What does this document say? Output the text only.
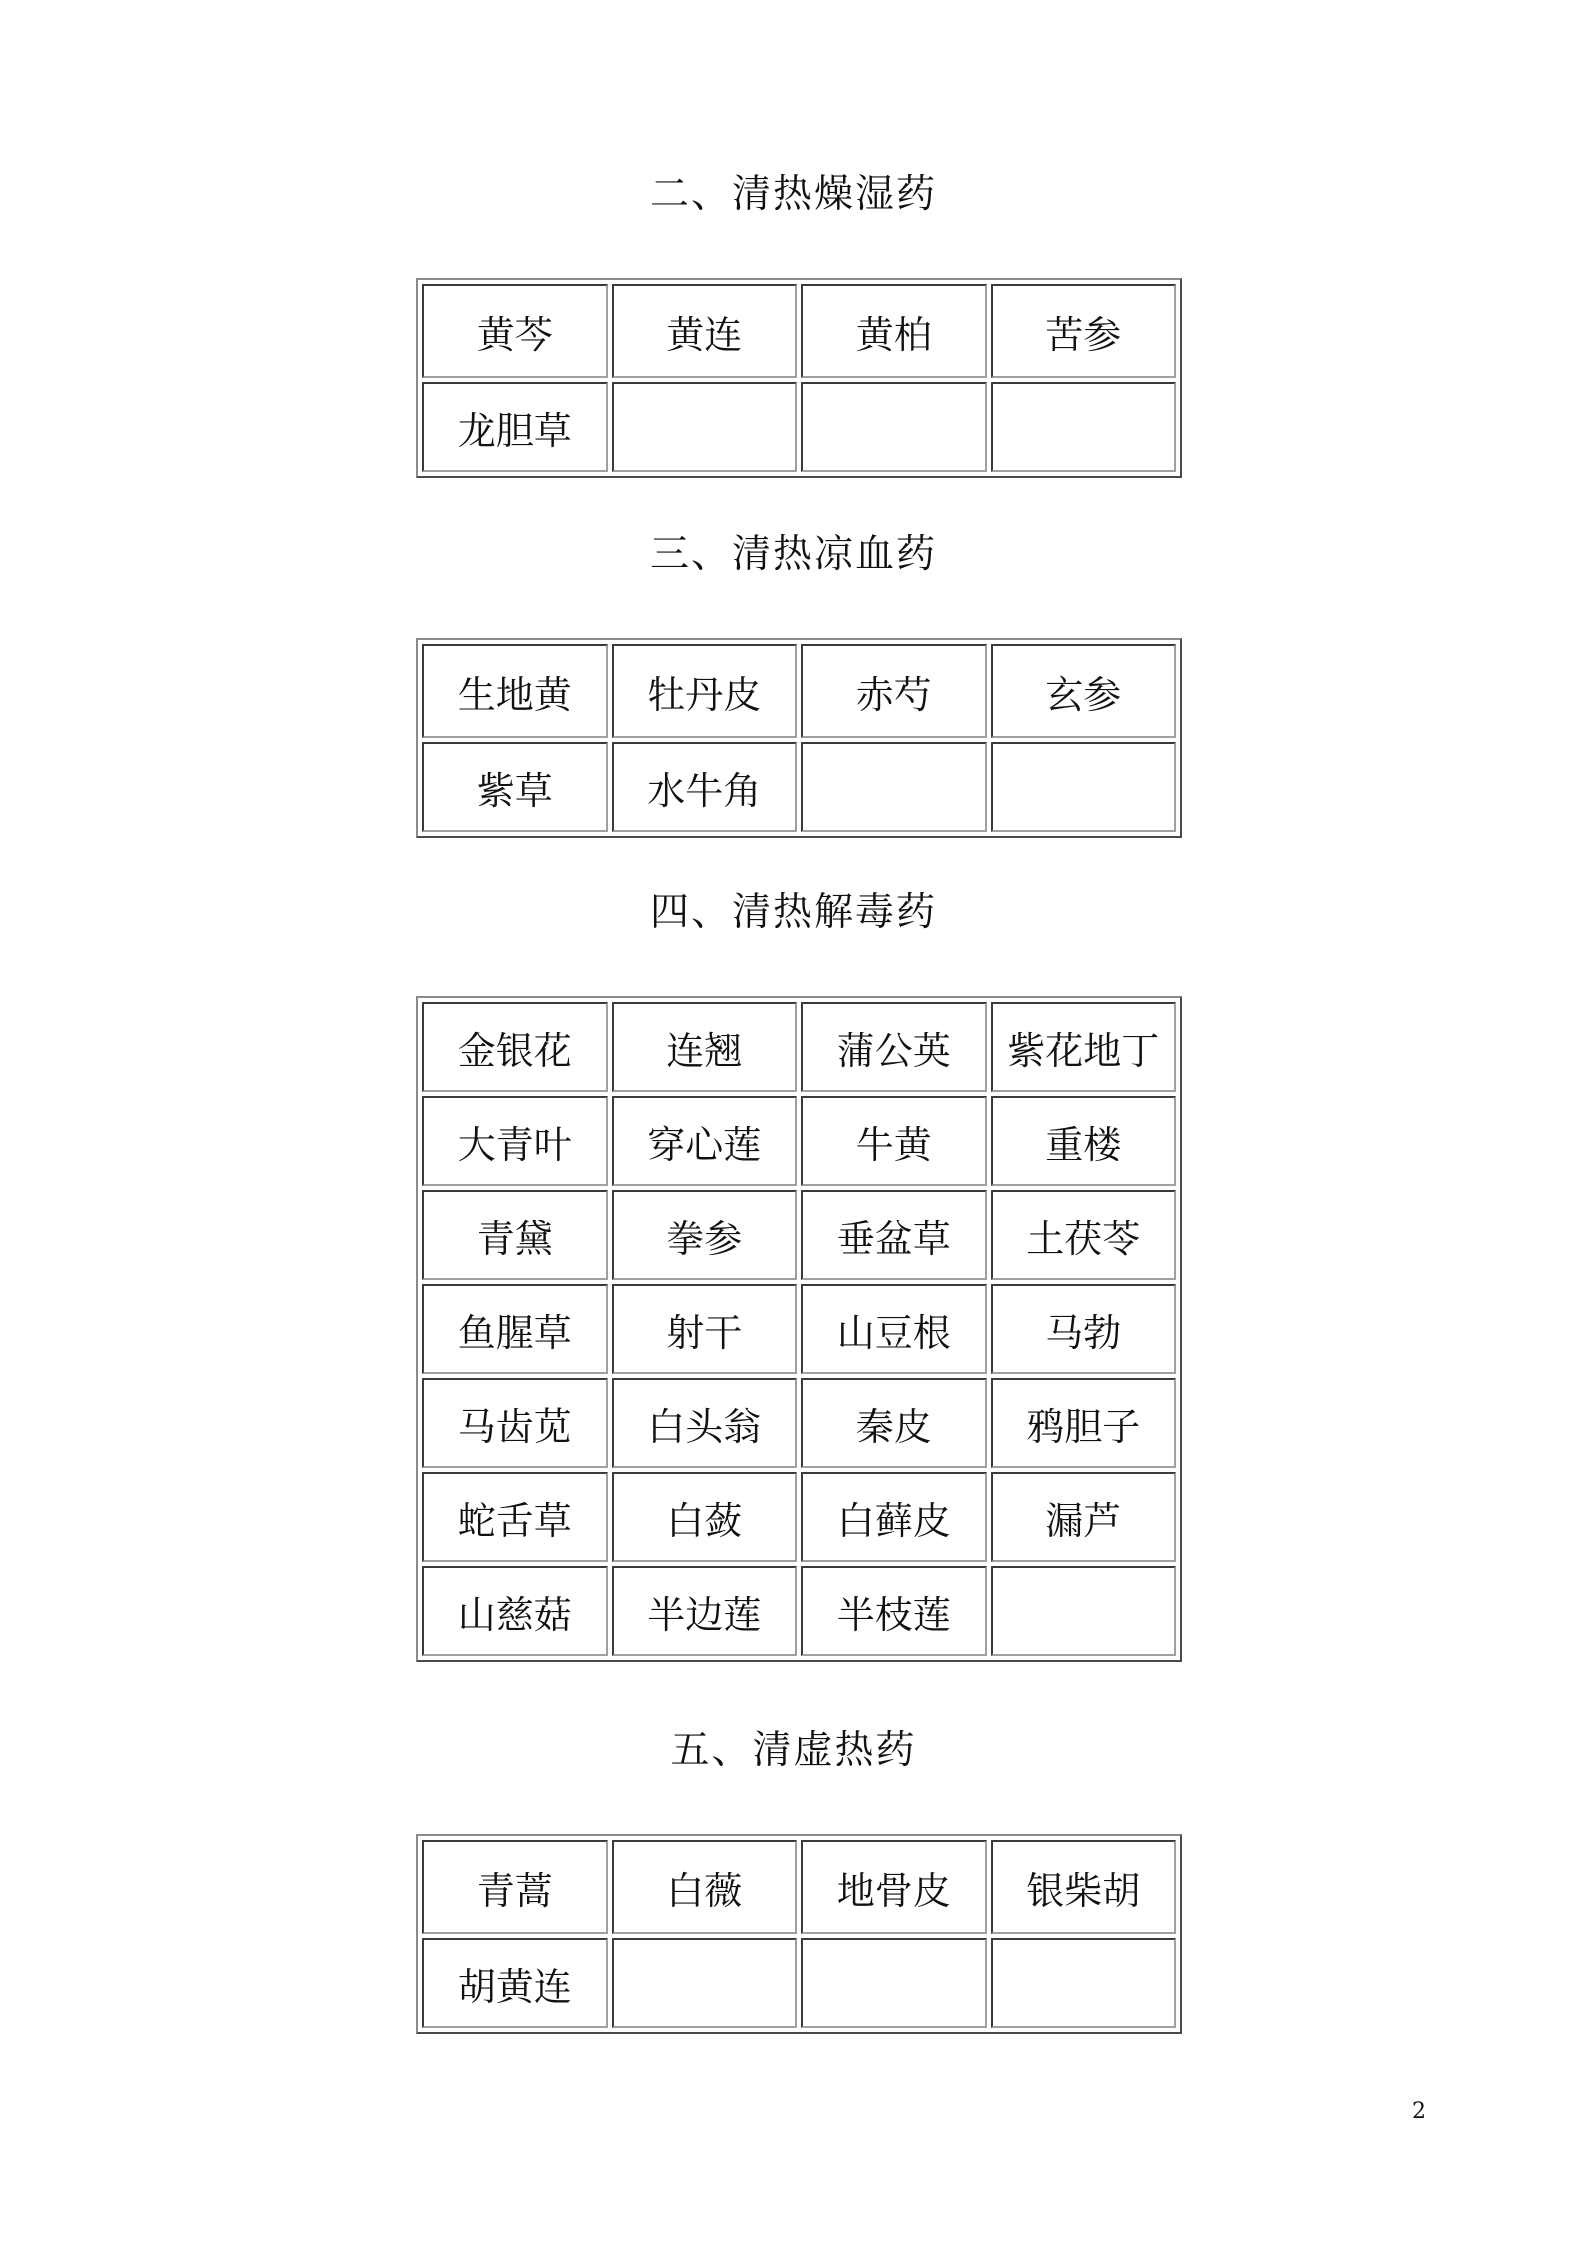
二、清热燥湿药
黄芩	黄连	黄柏	苦参
龙胆草			
三、清热凉血药
生地黄	牡丹皮	赤芍	玄参
紫草	水牛角		
四、清热解毒药
金银花	连翘	蒲公英	紫花地丁
大青叶	穿心莲	牛黄	重楼
青黛	拳参	垂盆草	土茯苓
鱼腥草	射干	山豆根	马勃
马齿苋	白头翁	秦皮	鸦胆子
蛇舌草	白蔹	白藓皮	漏芦
山慈菇	半边莲	半枝莲	
五、清虚热药
青蒿	白薇	地骨皮	银柴胡
胡黄连			
2
